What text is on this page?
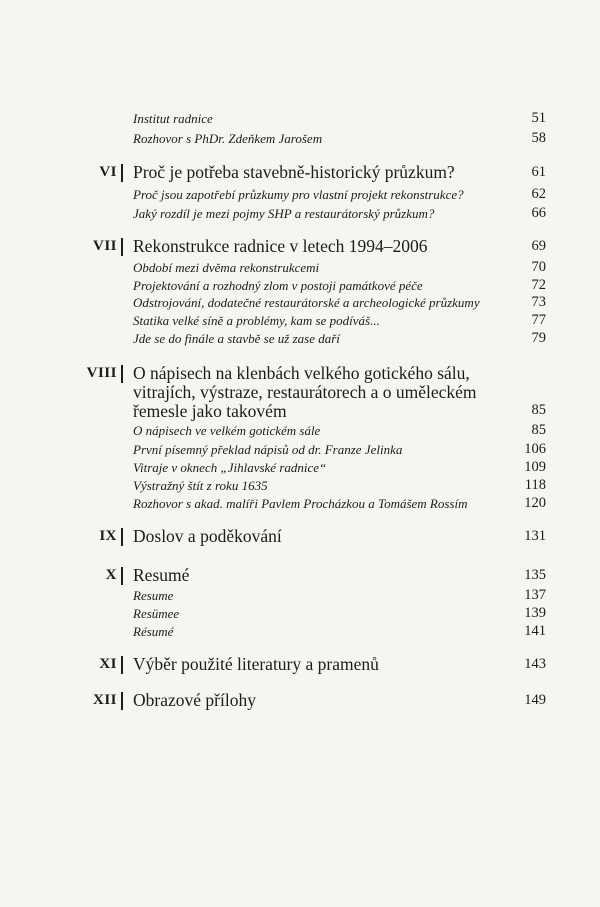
Institut radnice	51
Rozhovor s PhDr. Zdeňkem Jarošem	58
VI Proč je potřeba stavebně-historický průzkum?	61
Proč jsou zapotřebí průzkumy pro vlastní projekt rekonstrukce?	62
Jaký rozdíl je mezi pojmy SHP a restaurátorský průzkum?	66
VII Rekonstrukce radnice v letech 1994–2006	69
Období mezi dvěma rekonstrukcemi	70
Projektování a rozhodný zlom v postoji památkové péče	72
Odstrojování, dodatečné restaurátorské a archeologické průzkumy	73
Statika velké síně a problémy, kam se podíváš...	77
Jde se do finále a stavbě se už zase daří	79
VIII O nápisech na klenbách velkého gotického sálu, vitrajích, výstraze, restaurátorech a o uměleckém řemesle jako takovém	85
O nápisech ve velkém gotickém sále	85
První písemný překlad nápisů od dr. Franze Jelinka	106
Vitraje v oknech „Jihlavské radnice“	109
Výstražný štít z roku 1635	118
Rozhovor s akad. malíři Pavlem Procházkou a Tomášem Rossím	120
IX Doslov a poděkování	131
X Resumé	135
Resume	137
Resümee	139
Résumé	141
XI Výběr použité literatury a pramenů	143
XII Obrazové přílohy	149
